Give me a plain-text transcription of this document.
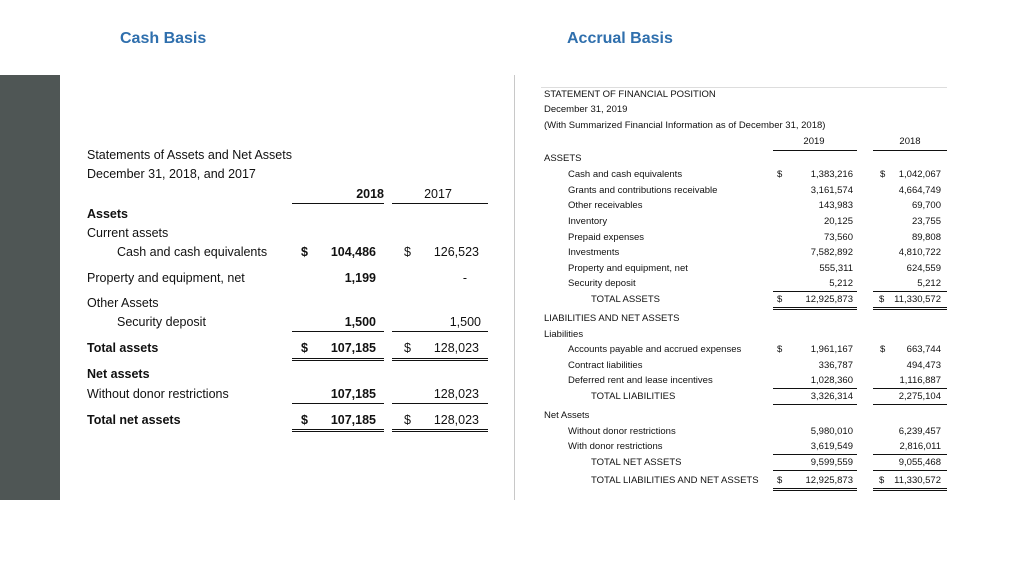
Cash Basis	Accrual Basis
Statements of Assets and Net Assets
December 31, 2018, and 2017
2018	2017
Assets
Current assets
Cash and cash equivalents	$	104,486 $	126,523
Property and equipment, net	1,199	-
Other Assets
Security deposit	1,500	1,500
Total assets	$	107,185 $	128,023
Net assets
Without donor restrictions	107,185	128,023
Total net assets	$	107,185 $	128,023
STATEMENT OF FINANCIAL POSITION
December 31, 2019
(With Summarized Financial Information as of December 31, 2018)
2019	2018
ASSETS
Cash and cash equivalents	$	1,383,216	$	1,042,067
Grants and contributions receivable	3,161,574	4,664,749
Other receivables	143,983	69,700
Inventory	20,125	23,755
Prepaid expenses	73,560	89,808
Investments	7,582,892	4,810,722
Property and equipment, net	555,311	624,559
Security deposit	5,212	5,212
TOTAL ASSETS	$	12,925,873	$	11,330,572
LIABILITIES AND NET ASSETS
Liabilities
Accounts payable and accrued expenses	$	1,961,167	$	663,744
Contract liabilities	336,787	494,473
Deferred rent and lease incentives	1,028,360	1,116,887
TOTAL LIABILITIES	3,326,314	2,275,104
Net Assets
Without donor restrictions	5,980,010	6,239,457
With donor restrictions	3,619,549	2,816,011
TOTAL NET ASSETS	9,599,559	9,055,468
TOTAL LIABILITIES AND NET ASSETS $	12,925,873	$	11,330,572
